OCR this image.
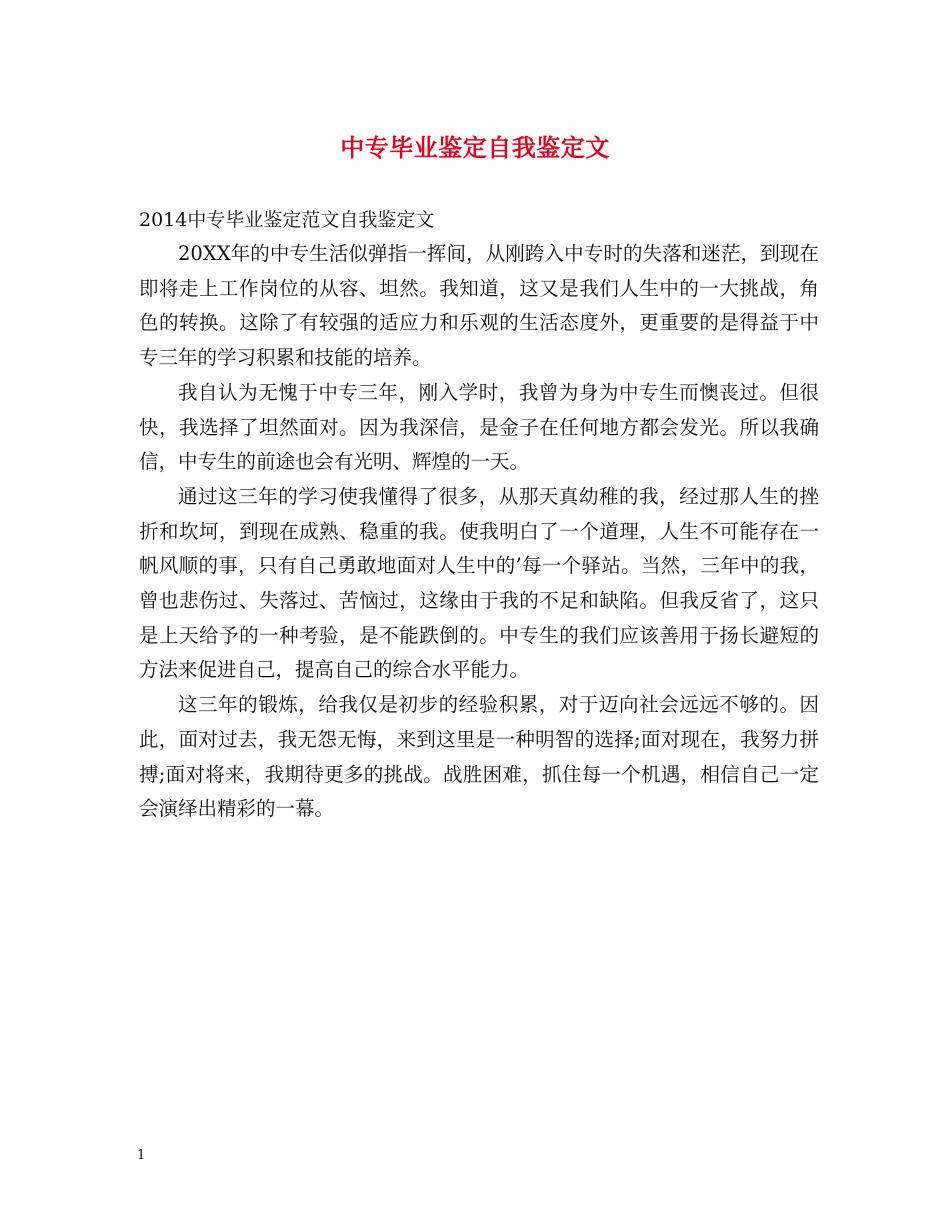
中专毕业鉴定自我鉴定文

2014中专毕业鉴定范文自我鉴定文

20XX年的中专生活似弹指一挥间，从刚跨入中专时的失落和迷茫，到现在即将走上工作岗位的从容、坦然。我知道，这又是我们人生中的一大挑战，角色的转换。这除了有较强的适应力和乐观的生活态度外，更重要的是得益于中专三年的学习积累和技能的培养。

我自认为无愧于中专三年，刚入学时，我曾为身为中专生而懊丧过。但很快，我选择了坦然面对。因为我深信，是金子在任何地方都会发光。所以我确信，中专生的前途也会有光明、辉煌的一天。

通过这三年的学习使我懂得了很多，从那天真幼稚的我，经过那人生的挫折和坎坷，到现在成熟、稳重的我。使我明白了一个道理，人生不可能存在一帆风顺的事，只有自己勇敢地面对人生中的’每一个驿站。当然，三年中的我，曾也悲伤过、失落过、苦恼过，这缘由于我的不足和缺陷。但我反省了，这只是上天给予的一种考验，是不能跌倒的。中专生的我们应该善用于扬长避短的方法来促进自己，提高自己的综合水平能力。

这三年的锻炼，给我仅是初步的经验积累，对于迈向社会远远不够的。因此，面对过去，我无怨无悔，来到这里是一种明智的选择;面对现在，我努力拼搏;面对将来，我期待更多的挑战。战胜困难，抓住每一个机遇，相信自己一定会演绎出精彩的一幕。

1
